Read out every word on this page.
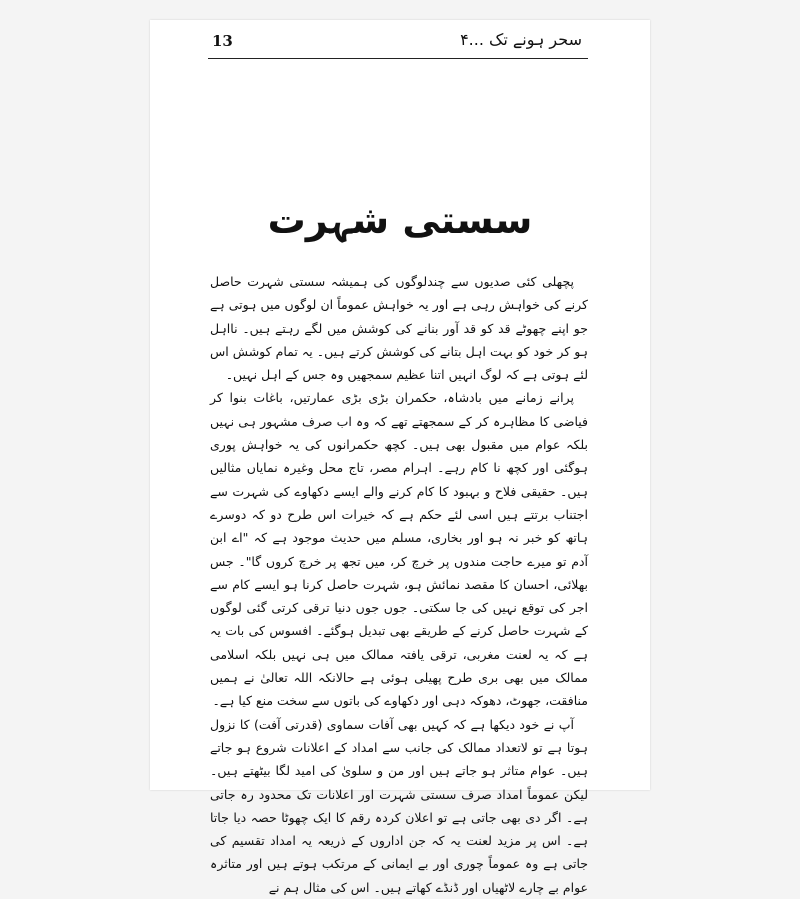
13	سحر ہونے تک ...۴
سستی شہرت

پچھلی کئی صدیوں سے چندلوگوں کی ہمیشہ سستی شہرت حاصل کرنے کی خواہش رہی ہے اور یہ خواہش عموماً ان لوگوں میں ہوتی ہے جو اپنے چھوٹے قد کو قد آور بنانے کی کوشش میں لگے رہتے ہیں۔ نااہل ہو کر خود کو بہت اہل بتانے کی کوشش کرتے ہیں۔ یہ تمام کوشش اس لئے ہوتی ہے کہ لوگ انہیں اتنا عظیم سمجھیں وہ جس کے اہل نہیں۔

پرانے زمانے میں بادشاہ، حکمران بڑی بڑی عمارتیں، باغات بنوا کر فیاضی کا مظاہرہ کر کے سمجھتے تھے کہ وہ اب صرف مشہور ہی نہیں بلکہ عوام میں مقبول بھی ہیں۔ کچھ حکمرانوں کی یہ خواہش پوری ہوگئی اور کچھ نا کام رہے۔ اہرام مصر، تاج محل وغیرہ نمایاں مثالیں ہیں۔ حقیقی فلاح و بہبود کا کام کرنے والے ایسے دکھاوے کی شہرت سے اجتناب برتتے ہیں اسی لئے حکم ہے کہ خیرات اس طرح دو کہ دوسرے ہاتھ کو خبر نہ ہو اور بخاری، مسلم میں حدیث موجود ہے کہ "اے ابن آدم تو میرے حاجت مندوں پر خرچ کر، میں تجھ پر خرچ کروں گا"۔ جس بھلائی، احسان کا مقصد نمائش ہو، شہرت حاصل کرنا ہو ایسے کام سے اجر کی توقع نہیں کی جا سکتی۔ جوں جوں دنیا ترقی کرتی گئی لوگوں کے شہرت حاصل کرنے کے طریقے بھی تبدیل ہوگئے۔ افسوس کی بات یہ ہے کہ یہ لعنت مغربی، ترقی یافتہ ممالک میں ہی نہیں بلکہ اسلامی ممالک میں بھی بری طرح پھیلی ہوئی ہے حالانکہ اللہ تعالیٰ نے ہمیں منافقت، جھوٹ، دھوکہ دہی اور دکھاوے کی باتوں سے سخت منع کیا ہے۔

آپ نے خود دیکھا ہے کہ کہیں بھی آفات سماوی (قدرتی آفت) کا نزول ہوتا ہے تو لاتعداد ممالک کی جانب سے امداد کے اعلانات شروع ہو جاتے ہیں۔ عوام متاثر ہو جاتے ہیں اور من و سلویٰ کی امید لگا بیٹھتے ہیں۔ لیکن عموماً امداد صرف سستی شہرت اور اعلانات تک محدود رہ جاتی ہے۔ اگر دی بھی جاتی ہے تو اعلان کردہ رقم کا ایک چھوٹا حصہ دیا جاتا ہے۔ اس پر مزید لعنت یہ کہ جن اداروں کے ذریعہ یہ امداد تقسیم کی جاتی ہے وہ عموماً چوری اور بے ایمانی کے مرتکب ہوتے ہیں اور متاثرہ عوام بے چارے لاٹھیاں اور ڈنڈے کھاتے ہیں۔ اس کی مثال ہم نے
